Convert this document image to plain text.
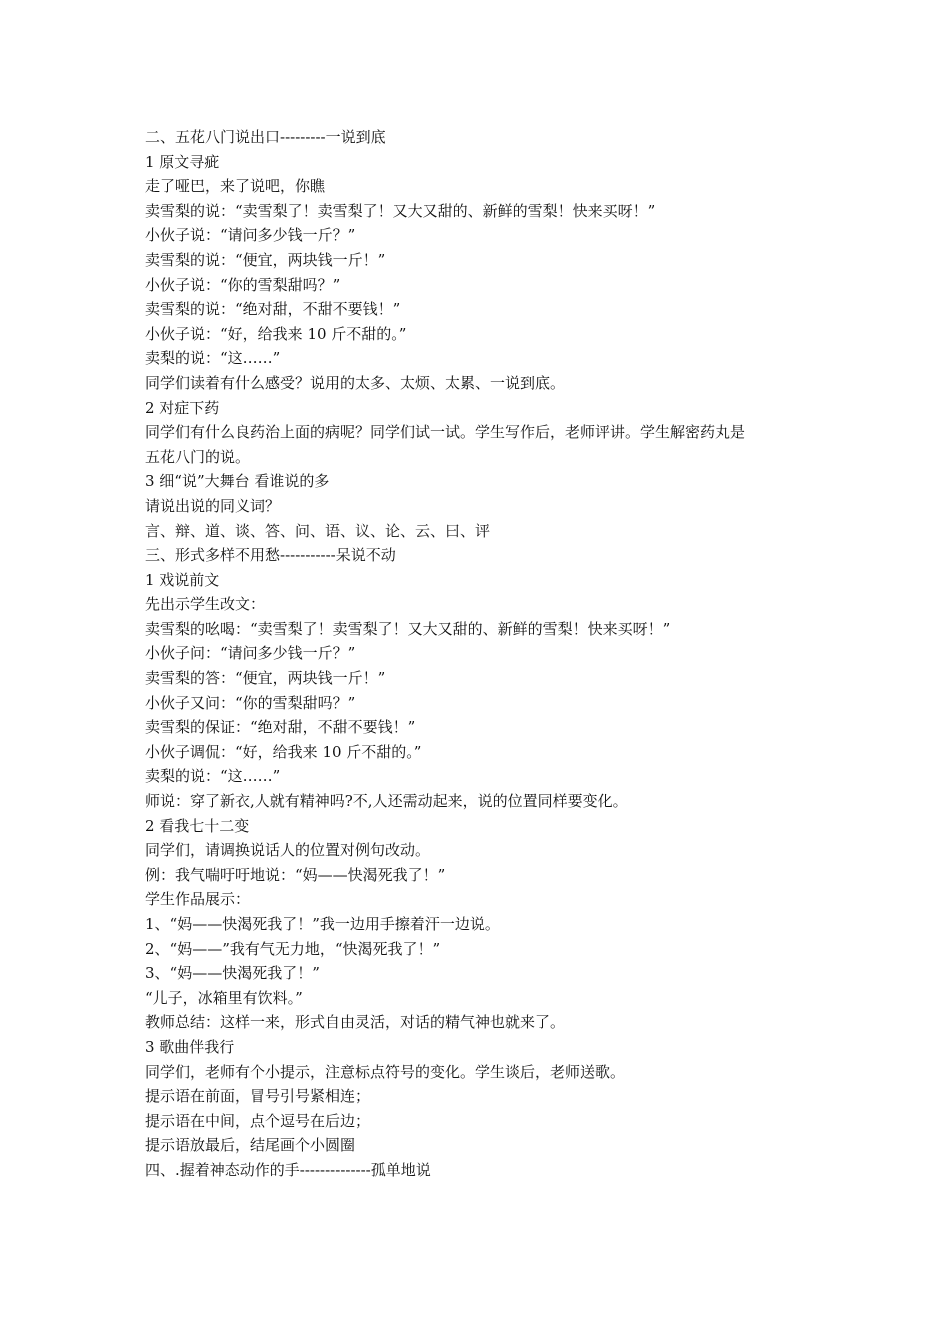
二、五花八门说出口---------一说到底
1 原文寻疵
走了哑巴，来了说吧，你瞧
卖雪梨的说：“卖雪梨了！卖雪梨了！又大又甜的、新鲜的雪梨！快来买呀！”
小伙子说：“请问多少钱一斤？”
卖雪梨的说：“便宜，两块钱一斤！”
小伙子说：“你的雪梨甜吗？”
卖雪梨的说：“绝对甜，不甜不要钱！”
小伙子说：“好，给我来 10 斤不甜的。”
卖梨的说：“这……”
同学们读着有什么感受？说用的太多、太烦、太累、一说到底。
2 对症下药
同学们有什么良药治上面的病呢？同学们试一试。学生写作后，老师评讲。学生解密药丸是
五花八门的说。
3 细“说”大舞台 看谁说的多
请说出说的同义词？
言、辩、道、谈、答、问、语、议、论、云、曰、评
三、形式多样不用愁-----------呆说不动
1 戏说前文
先出示学生改文：
卖雪梨的吆喝：“卖雪梨了！卖雪梨了！又大又甜的、新鲜的雪梨！快来买呀！”
小伙子问：“请问多少钱一斤？”
卖雪梨的答：“便宜，两块钱一斤！”
小伙子又问：“你的雪梨甜吗？”
卖雪梨的保证：“绝对甜，不甜不要钱！”
小伙子调侃：“好，给我来 10 斤不甜的。”
卖梨的说：“这……”
师说：穿了新衣,人就有精神吗?不,人还需动起来，说的位置同样要变化。
2 看我七十二变
同学们，请调换说话人的位置对例句改动。
例：我气喘吁吁地说：“妈——快渴死我了！”
学生作品展示：
1、“妈——快渴死我了！”我一边用手擦着汗一边说。
2、“妈——”我有气无力地，“快渴死我了！”
3、“妈——快渴死我了！”
“儿子，冰箱里有饮料。”
教师总结：这样一来，形式自由灵活，对话的精气神也就来了。
3 歌曲伴我行
同学们，老师有个小提示，注意标点符号的变化。学生谈后，老师送歌。
提示语在前面，冒号引号紧相连；
提示语在中间，点个逗号在后边；
提示语放最后，结尾画个小圆圈
四、.握着神态动作的手--------------孤单地说
